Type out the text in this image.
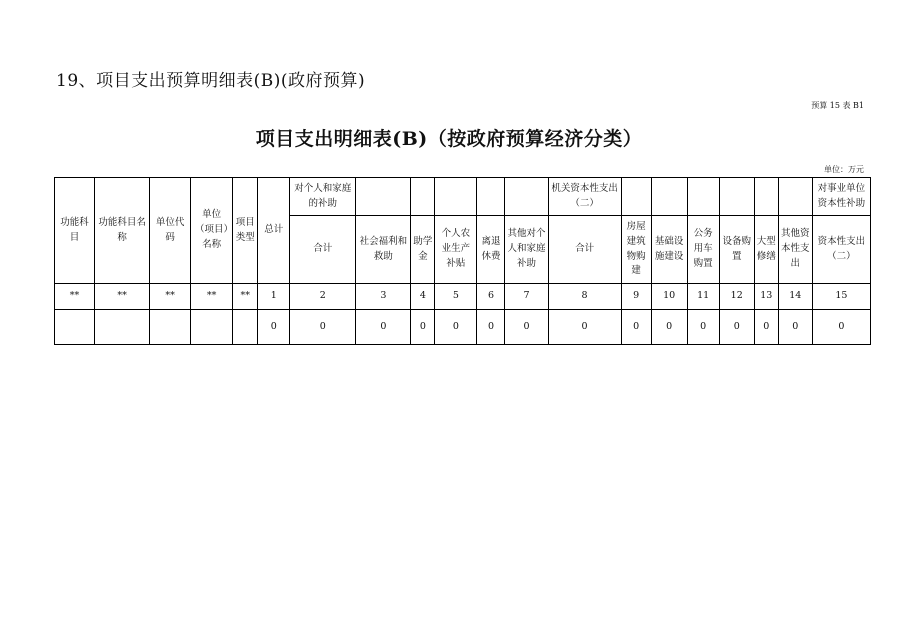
19、项目支出预算明细表(B)(政府预算)
预算 15 表 B1
项目支出明细表(B)（按政府预算经济分类）
单位：万元
功能科目	功能科目名称	单位代码	单位（项目）名称	项目类型	总计	对个人和家庭的补助						机关资本性支出（二）							对事业单位资本性补助
						合计	社会福利和救助	助学金	个人农业生产补贴	离退休费	其他对个人和家庭补助	合计	房屋建筑物购建	基础设施建设	公务用车购置	设备购置	大型修缮	其他资本性支出	资本性支出（二）
**	**	**	**	**	1	2	3	4	5	6	7	8	9	10	11	12	13	14	15
					0	0	0	0	0	0	0	0	0	0	0	0	0	0	0
